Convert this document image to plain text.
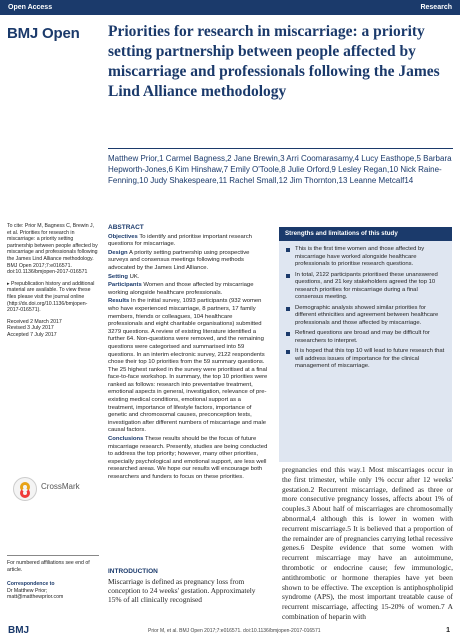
Open Access	Research
BMJ Open Priorities for research in miscarriage: a priority setting partnership between people affected by miscarriage and professionals following the James Lind Alliance methodology
Matthew Prior,1 Carmel Bagness,2 Jane Brewin,3 Arri Coomarasamy,4 Lucy Easthope,5 Barbara Hepworth-Jones,6 Kim Hinshaw,7 Emily O'Toole,8 Julie Orford,9 Lesley Regan,10 Nick Raine-Fenning,10 Judy Shakespeare,11 Rachel Small,12 Jim Thornton,13 Leanne Metcalf14

To cite: Prior M, Bagness C, Brewin J, et al. Priorities for research in miscarriage: a priority setting partnership between people affected by miscarriage and professionals following the James Lind Alliance methodology. BMJ Open 2017;7:e016571. doi:10.1136/bmjopen-2017-016571

▸ Prepublication history and additional material are available. To view these files please visit the journal online (http://dx.doi.org/10.1136/bmjopen-2017-016571).

Received 2 March 2017
Revised 3 July 2017
Accepted 7 July 2017

CrossMark

For numbered affiliations see end of article.

Correspondence to

Dr Matthew Prior;

matt@matthewprior.com

ABSTRACT

Objectives To identify and prioritise important research questions for miscarriage.

Design A priority setting partnership using prospective surveys and consensus meetings following methods advocated by the James Lind Alliance.

Setting UK.

Participants Women and those affected by miscarriage working alongside healthcare professionals.

Results In the initial survey, 1093 participants (932 women who have experienced miscarriage, 8 partners, 17 family members, friends or colleagues, 104 healthcare professionals and eight charitable organisations) submitted 3279 questions. A review of existing literature identified a further 64. Non-questions were removed, and the remaining questions were categorised and summarised into 59 questions. In an interim electronic survey, 2122 respondents chose their top 10 priorities from the 59 summary questions. The 25 highest ranked in the survey were prioritised at a final face-to-face workshop. In summary, the top 10 priorities were ranked as follows: research into preventative treatment, emotional aspects in general, investigation, relevance of pre-existing medical conditions, emotional support as a treatment, importance of lifestyle factors, importance of genetic and chromosomal causes, preconception tests, investigation after different numbers of miscarriage and male causal factors.

Conclusions These results should be the focus of future miscarriage research. Presently, studies are being conducted to address the top priority; however, many other priorities, especially psychological and emotional support, are less well researched areas. We hope our results will encourage both researchers and funders to focus on these priorities.

INTRODUCTION

Miscarriage is defined as pregnancy loss from conception to 24 weeks' gestation. Approximately 15% of all clinically recognised

Strengths and limitations of this study
This is the first time women and those affected by miscarriage have worked alongside healthcare professionals to prioritise research questions.
In total, 2122 participants prioritised these unanswered questions, and 21 key stakeholders agreed the top 10 research priorities for miscarriage during a final consensus meeting.
Demographic analysis showed similar priorities for different ethnicities and agreement between healthcare professionals and those affected by miscarriage.
Refined questions are broad and may be difficult for researchers to interpret.
It is hoped that this top 10 will lead to future research that will address issues of importance for the clinical management of miscarriage.

pregnancies end this way.1 Most miscarriages occur in the first trimester, while only 1% occur after 12 weeks' gestation.2 Recurrent miscarriage, defined as three or more consecutive pregnancy losses, affects about 1% of couples.3 About half of miscarriages are chromosomally abnormal,4 although this is lower in women with recurrent miscarriage.5 It is believed that a proportion of the remainder are of pregnancies carrying lethal recessive genes.6 Despite evidence that some women with recurrent miscarriage may have an autoimmune, thrombotic or endocrine cause; few immunologic, antithrombotic or hormone therapies have yet been shown to be effective. The exception is antiphospholipid syndrome (APS), the most important treatable cause of recurrent miscarriage, affecting 15-20% of women.7 A combination of heparin with

BMJ	Prior M, et al. BMJ Open 2017;7:e016571. doi:10.1136/bmjopen-2017-016571	1
